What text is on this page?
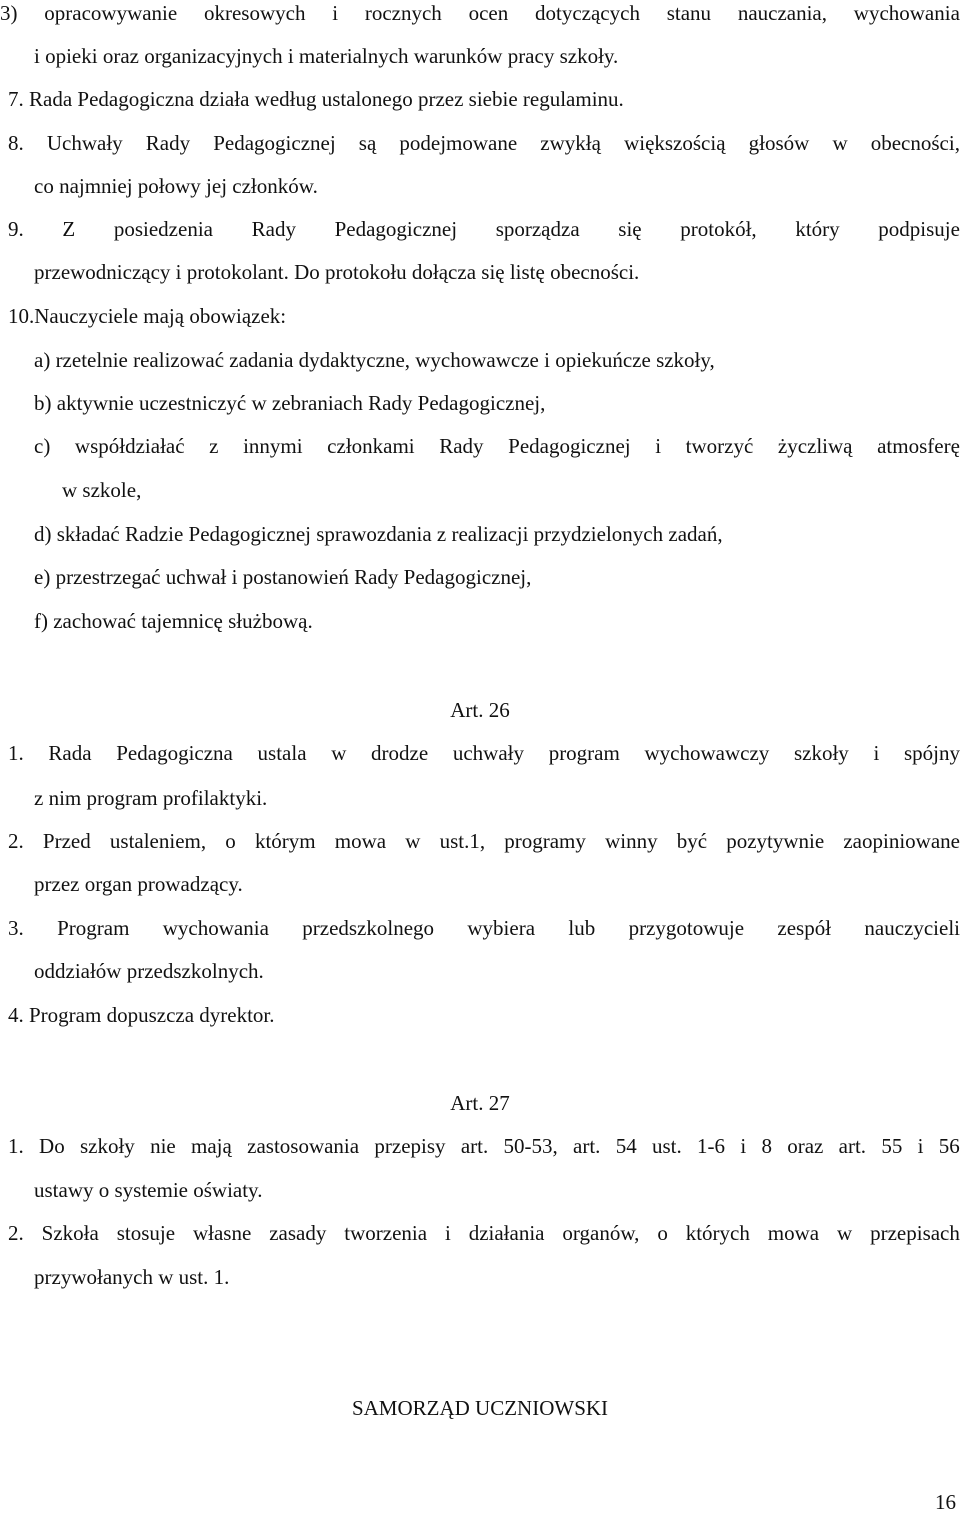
3) opracowywanie okresowych i rocznych ocen dotyczących stanu nauczania, wychowania
i opieki oraz organizacyjnych i materialnych warunków pracy szkoły.
7. Rada Pedagogiczna działa według ustalonego przez siebie regulaminu.
8. Uchwały Rady Pedagogicznej są podejmowane zwykłą większością głosów w obecności,
co najmniej połowy jej członków.
9. Z posiedzenia Rady Pedagogicznej sporządza się protokół, który podpisuje
przewodniczący i protokolant. Do protokołu dołącza się listę obecności.
10.Nauczyciele mają obowiązek:
a) rzetelnie realizować zadania dydaktyczne, wychowawcze i opiekuńcze szkoły,
b) aktywnie uczestniczyć w zebraniach Rady Pedagogicznej,
c) współdziałać z innymi członkami Rady Pedagogicznej i tworzyć życzliwą atmosferę
w szkole,
d) składać Radzie Pedagogicznej sprawozdania z realizacji przydzielonych zadań,
e) przestrzegać uchwał i postanowień Rady Pedagogicznej,
f) zachować tajemnicę służbową.
Art. 26
1. Rada Pedagogiczna ustala w drodze uchwały program wychowawczy szkoły i spójny
z nim program profilaktyki.
2. Przed ustaleniem, o którym mowa w ust.1, programy winny być pozytywnie zaopiniowane
przez organ prowadzący.
3. Program wychowania przedszkolnego wybiera lub przygotowuje zespół nauczycieli
oddziałów przedszkolnych.
4. Program dopuszcza dyrektor.
Art. 27
1. Do szkoły nie mają zastosowania przepisy art. 50-53, art. 54 ust. 1-6 i 8 oraz art. 55 i 56
ustawy o systemie oświaty.
2. Szkoła stosuje własne zasady tworzenia i działania organów, o których mowa w przepisach
przywołanych w ust. 1.
SAMORZĄD UCZNIOWSKI
16
